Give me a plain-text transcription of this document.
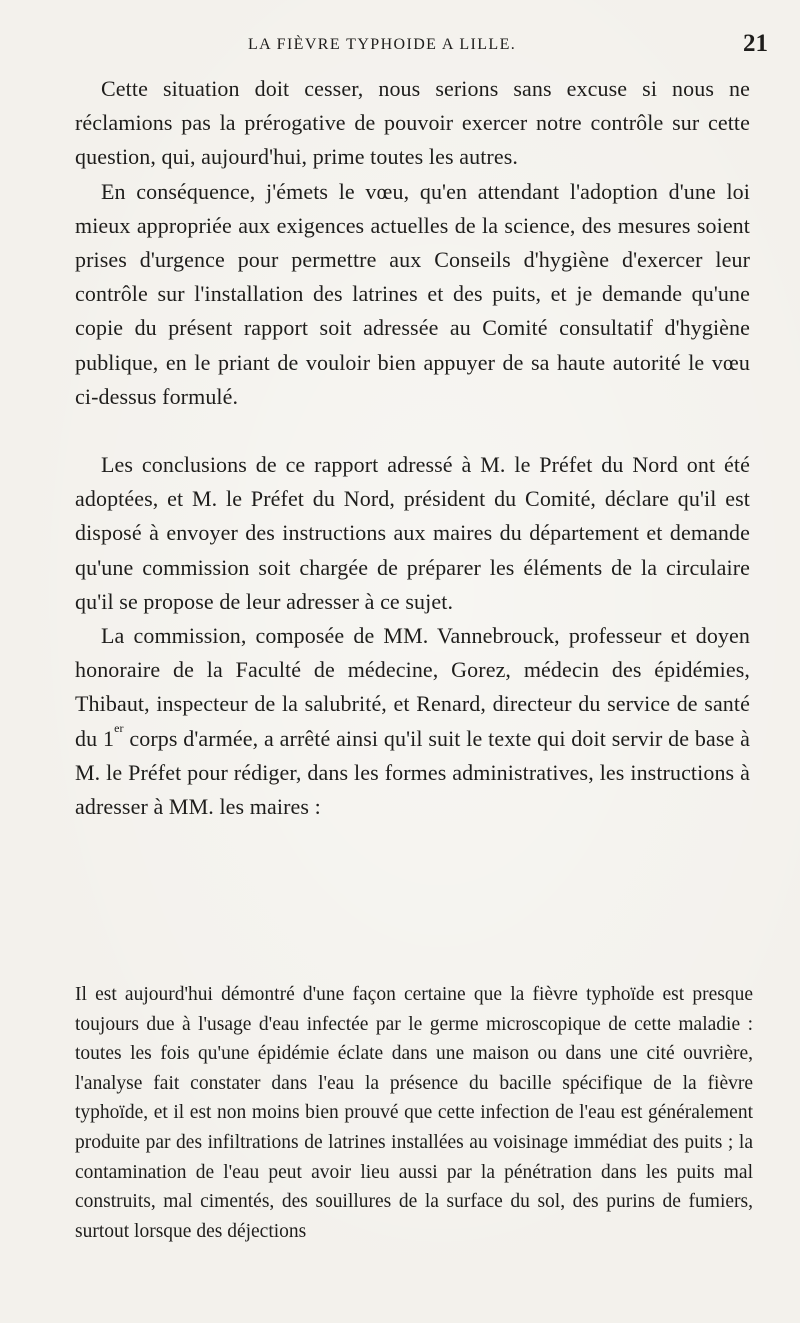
LA FIÈVRE TYPHOIDE A LILLE.	21

Cette situation doit cesser, nous serions sans excuse si nous ne réclamions pas la prérogative de pouvoir exercer notre contrôle sur cette question, qui, aujourd'hui, prime toutes les autres.

En conséquence, j'émets le vœu, qu'en attendant l'adoption d'une loi mieux appropriée aux exigences actuelles de la science, des mesures soient prises d'urgence pour permettre aux Conseils d'hygiène d'exercer leur contrôle sur l'installation des latrines et des puits, et je demande qu'une copie du présent rapport soit adressée au Comité consultatif d'hygiène publique, en le priant de vouloir bien appuyer de sa haute autorité le vœu ci-dessus formulé.

Les conclusions de ce rapport adressé à M. le Préfet du Nord ont été adoptées, et M. le Préfet du Nord, président du Comité, déclare qu'il est disposé à envoyer des instructions aux maires du département et demande qu'une commission soit chargée de préparer les éléments de la circulaire qu'il se propose de leur adresser à ce sujet.

La commission, composée de MM. Vannebrouck, professeur et doyen honoraire de la Faculté de médecine, Gorez, médecin des épidémies, Thibaut, inspecteur de la salubrité, et Renard, directeur du service de santé du 1er corps d'armée, a arrêté ainsi qu'il suit le texte qui doit servir de base à M. le Préfet pour rédiger, dans les formes administratives, les instructions à adresser à MM. les maires :

Il est aujourd'hui démontré d'une façon certaine que la fièvre typhoïde est presque toujours due à l'usage d'eau infectée par le germe microscopique de cette maladie : toutes les fois qu'une épidémie éclate dans une maison ou dans une cité ouvrière, l'analyse fait constater dans l'eau la présence du bacille spécifique de la fièvre typhoïde, et il est non moins bien prouvé que cette infection de l'eau est généralement produite par des infiltrations de latrines installées au voisinage immédiat des puits ; la contamination de l'eau peut avoir lieu aussi par la pénétration dans les puits mal construits, mal cimentés, des souillures de la surface du sol, des purins de fumiers, surtout lorsque des déjections
